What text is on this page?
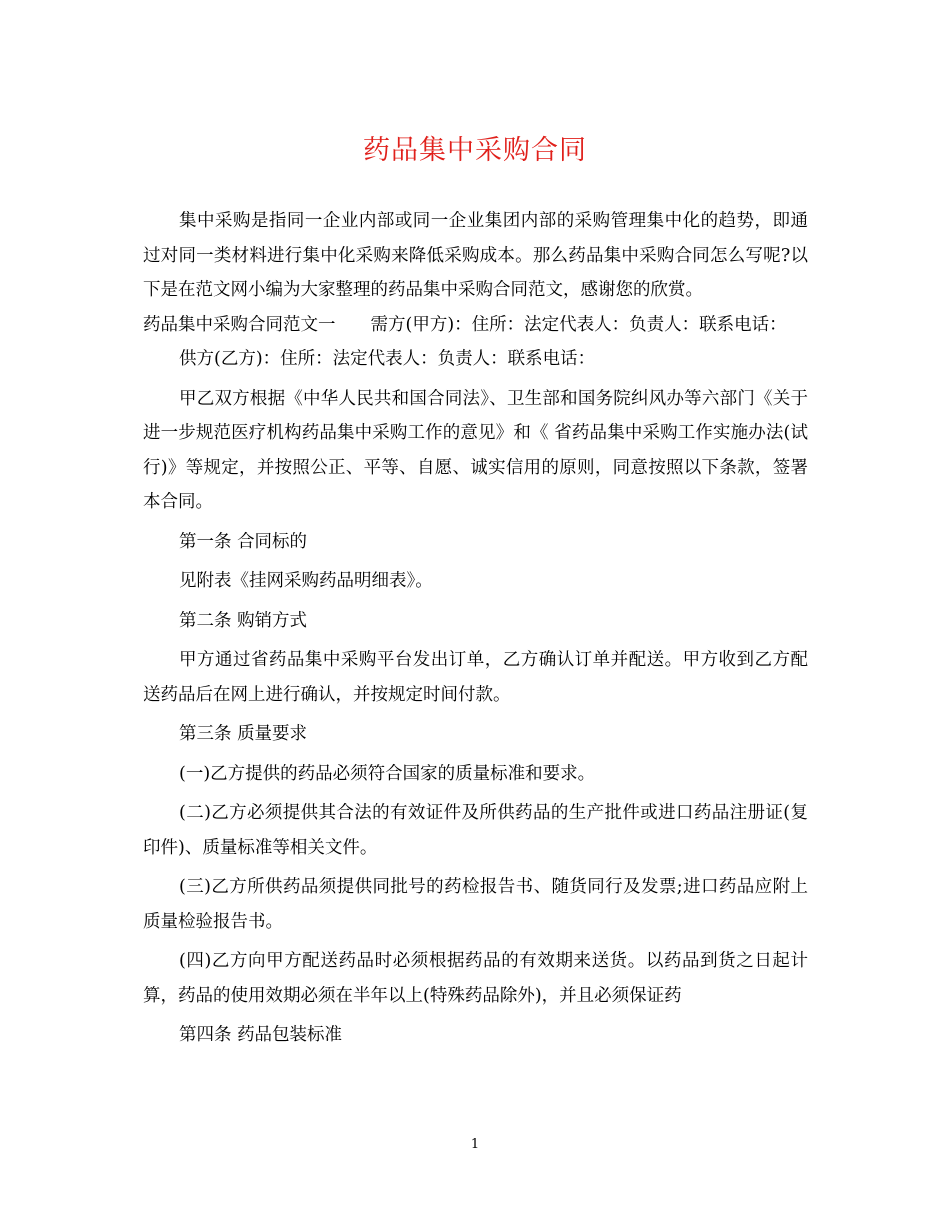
药品集中采购合同

集中采购是指同一企业内部或同一企业集团内部的采购管理集中化的趋势，即通过对同一类材料进行集中化采购来降低采购成本。那么药品集中采购合同怎么写呢?以下是在范文网小编为大家整理的药品集中采购合同范文，感谢您的欣赏。

药品集中采购合同范文一　　需方(甲方)：住所：法定代表人：负责人：联系电话：

供方(乙方)：住所：法定代表人：负责人：联系电话：

甲乙双方根据《中华人民共和国合同法》、卫生部和国务院纠风办等六部门《关于进一步规范医疗机构药品集中采购工作的意见》和《 省药品集中采购工作实施办法(试行)》等规定，并按照公正、平等、自愿、诚实信用的原则，同意按照以下条款，签署本合同。

第一条 合同标的

见附表《挂网采购药品明细表》。

第二条 购销方式

甲方通过省药品集中采购平台发出订单，乙方确认订单并配送。甲方收到乙方配送药品后在网上进行确认，并按规定时间付款。

第三条 质量要求

(一)乙方提供的药品必须符合国家的质量标准和要求。

(二)乙方必须提供其合法的有效证件及所供药品的生产批件或进口药品注册证(复印件)、质量标准等相关文件。

(三)乙方所供药品须提供同批号的药检报告书、随货同行及发票;进口药品应附上质量检验报告书。

(四)乙方向甲方配送药品时必须根据药品的有效期来送货。以药品到货之日起计算，药品的使用效期必须在半年以上(特殊药品除外)，并且必须保证药

第四条 药品包装标准

1
